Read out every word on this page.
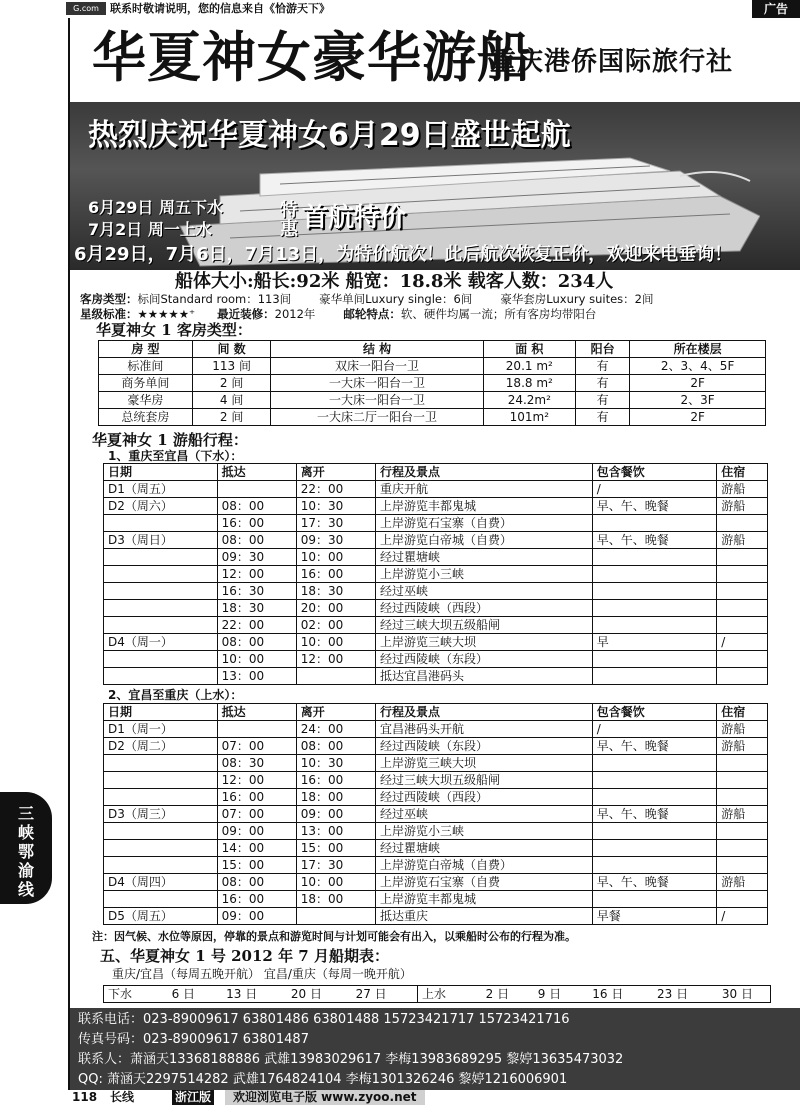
G.com	联系时敬请说明，您的信息来自《恰游天下》	广告
华夏神女豪华游船
重庆港侨国际旅行社
热烈庆祝华夏神女6月29日盛世起航
6月29日 周五下水
7月2日 周一上水
特惠 首航特价
6月29日，7月6日，7月13日，为特价航次！此后航次恢复正价，欢迎来电垂询！
船体大小:船长:92米 船宽：18.8米 载客人数：234人
客房类型：标间Standard room：113间 豪华单间Luxury single：6间 豪华套房Luxury suites：2间
星级标准：★★★★★⁺ 最近装修：2012年 邮轮特点：软、硬件均属一流；所有客房均带阳台
华夏神女 1 客房类型：
房 型	间 数	结 构	面 积	阳台	所在楼层
标准间	113 间	双床一阳台一卫	20.1 m²	有	2、3、4、5F
商务单间	2 间	一大床一阳台一卫	18.8 m²	有	2F
豪华房	4 间	一大床一阳台一卫	24.2m²	有	2、3F
总统套房	2 间	一大床二厅一阳台一卫	101m²	有	2F
华夏神女 1 游船行程：
1、重庆至宜昌（下水）：
日期	抵达	离开	行程及景点	包含餐饮	住宿
D1（周五）		22：00	重庆开航	/	游船
D2（周六）	08：00	10：30	上岸游览丰都鬼城	早、午、晚餐	游船
	16：00	17：30	上岸游览石宝寨（自费）		
D3（周日）	08：00	09：30	上岸游览白帝城（自费）	早、午、晚餐	游船
	09：30	10：00	经过瞿塘峡		
	12：00	16：00	上岸游览小三峡		
	16：30	18：30	经过巫峡		
	18：30	20：00	经过西陵峡（西段）		
	22：00	02：00	经过三峡大坝五级船闸		
D4（周一）	08：00	10：00	上岸游览三峡大坝	早	/
	10：00	12：00	经过西陵峡（东段）		
	13：00		抵达宜昌港码头		
2、宜昌至重庆（上水）：
日期	抵达	离开	行程及景点	包含餐饮	住宿
D1（周一）		24：00	宜昌港码头开航	/	游船
D2（周二）	07：00	08：00	经过西陵峡（东段）	早、午、晚餐	游船
	08：30	10：30	上岸游览三峡大坝		
	12：00	16：00	经过三峡大坝五级船闸		
	16：00	18：00	经过西陵峡（西段）		
D3（周三）	07：00	09：00	经过巫峡	早、午、晚餐	游船
	09：00	13：00	上岸游览小三峡		
	14：00	15：00	经过瞿塘峡		
	15：00	17：30	上岸游览白帝城（自费）		
D4（周四）	08：00	10：00	上岸游览石宝寨（自费	早、午、晚餐	游船
	16：00	18：00	上岸游览丰都鬼城		
D5（周五）	09：00		抵达重庆	早餐	/
注：因气候、水位等原因，停靠的景点和游览时间与计划可能会有出入，以乘船时公布的行程为准。
五、华夏神女 1 号 2012 年 7 月船期表：
重庆/宜昌（每周五晚开航） 宜昌/重庆（每周一晚开航）
下水	6 日	13 日	20 日	27 日		上水	2 日	9 日	16 日	23 日	30 日
联系电话：023-89009617 63801486 63801488 15723421717 15723421716
传真号码：023-89009617 63801487
联系人：萧涵天13368188886 武雄13983029617 李梅13983689295 黎婷13635473032
QQ: 萧涵天2297514282 武雄1764824104 李梅1301326246 黎婷1216006901
118 长线	浙江版	欢迎浏览电子版 www.zyoo.net
三
峡
鄂
渝
线
